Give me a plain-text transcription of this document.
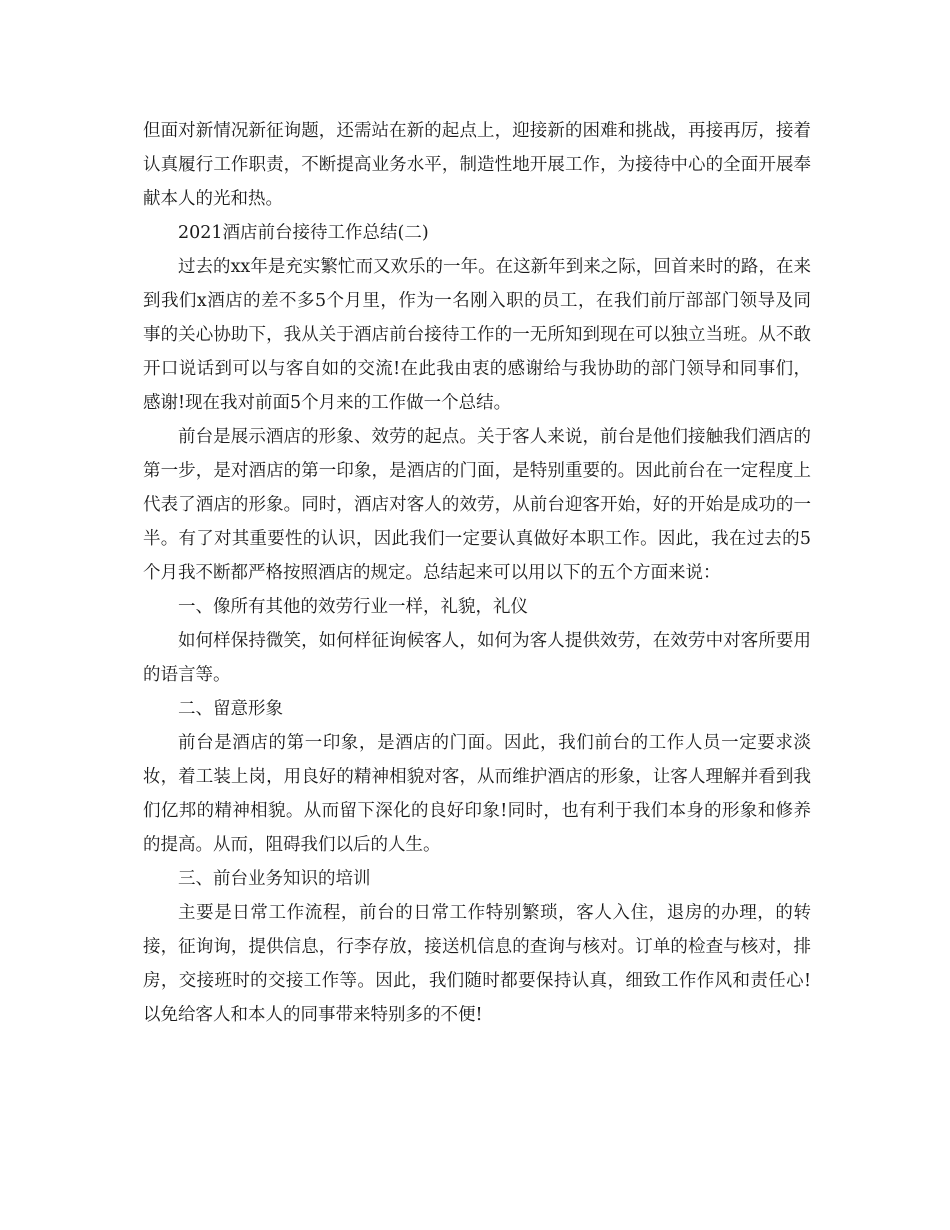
但面对新情况新征询题，还需站在新的起点上，迎接新的困难和挑战，再接再厉，接着认真履行工作职责，不断提高业务水平，制造性地开展工作，为接待中心的全面开展奉献本人的光和热。

2021酒店前台接待工作总结(二)

过去的xx年是充实繁忙而又欢乐的一年。在这新年到来之际，回首来时的路，在来到我们x酒店的差不多5个月里，作为一名刚入职的员工，在我们前厅部部门领导及同事的关心协助下，我从关于酒店前台接待工作的一无所知到现在可以独立当班。从不敢开口说话到可以与客自如的交流!在此我由衷的感谢给与我协助的部门领导和同事们，感谢!现在我对前面5个月来的工作做一个总结。

前台是展示酒店的形象、效劳的起点。关于客人来说，前台是他们接触我们酒店的第一步，是对酒店的第一印象，是酒店的门面，是特别重要的。因此前台在一定程度上代表了酒店的形象。同时，酒店对客人的效劳，从前台迎客开始，好的开始是成功的一半。有了对其重要性的认识，因此我们一定要认真做好本职工作。因此，我在过去的5个月我不断都严格按照酒店的规定。总结起来可以用以下的五个方面来说：

一、像所有其他的效劳行业一样，礼貌，礼仪

如何样保持微笑，如何样征询候客人，如何为客人提供效劳，在效劳中对客所要用的语言等。

二、留意形象

前台是酒店的第一印象，是酒店的门面。因此，我们前台的工作人员一定要求淡妆，着工装上岗，用良好的精神相貌对客，从而维护酒店的形象，让客人理解并看到我们亿邦的精神相貌。从而留下深化的良好印象!同时，也有利于我们本身的形象和修养的提高。从而，阻碍我们以后的人生。

三、前台业务知识的培训

主要是日常工作流程，前台的日常工作特别繁琐，客人入住，退房的办理，的转接，征询询，提供信息，行李存放，接送机信息的查询与核对。订单的检查与核对，排房，交接班时的交接工作等。因此，我们随时都要保持认真，细致工作作风和责任心!以免给客人和本人的同事带来特别多的不便!
